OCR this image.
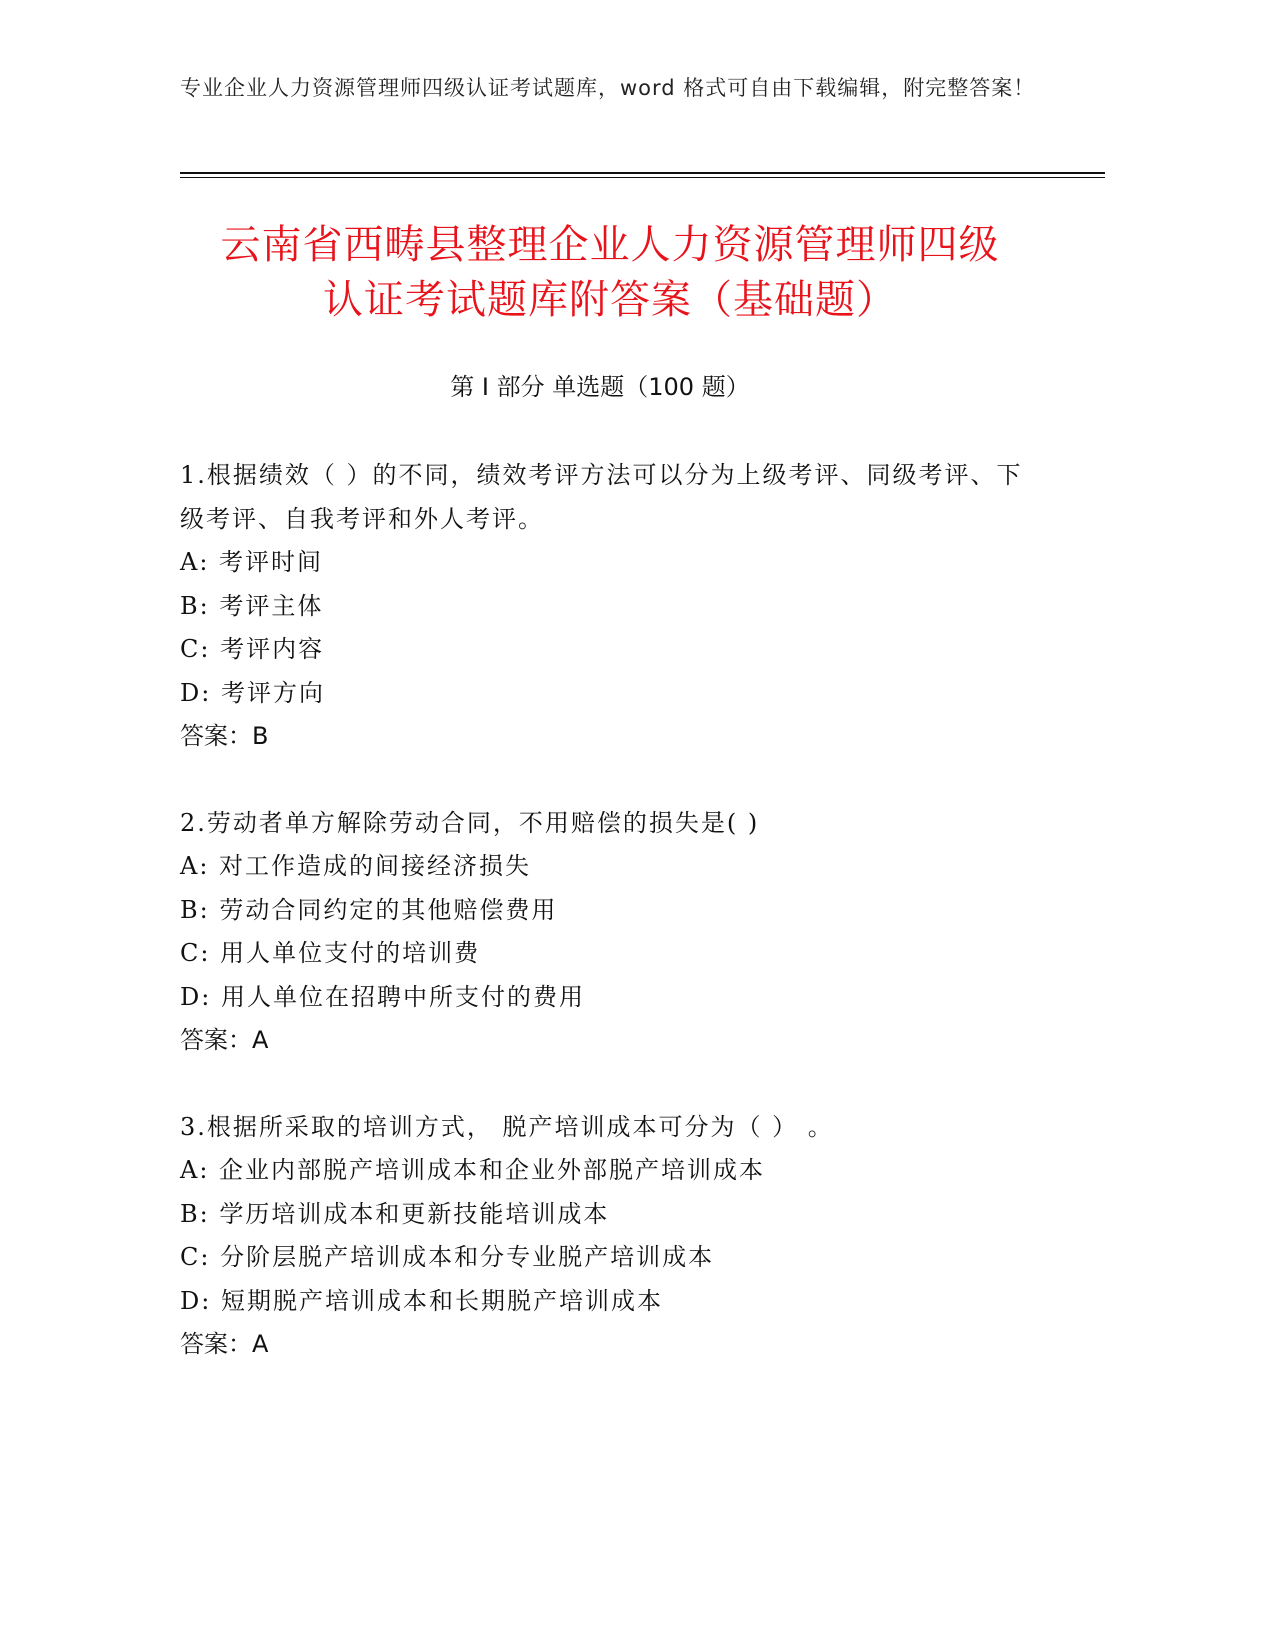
专业企业人力资源管理师四级认证考试题库，word 格式可自由下载编辑，附完整答案！
云南省西畴县整理企业人力资源管理师四级
认证考试题库附答案（基础题）
第 I 部分 单选题（100 题）

1.根据绩效（ ）的不同，绩效考评方法可以分为上级考评、同级考评、下级考评、自我考评和外人考评。

A: 考评时间

B: 考评主体

C: 考评内容

D: 考评方向

答案：B

2.劳动者单方解除劳动合同，不用赔偿的损失是( )

A: 对工作造成的间接经济损失

B: 劳动合同约定的其他赔偿费用

C: 用人单位支付的培训费

D: 用人单位在招聘中所支付的费用

答案：A

3.根据所采取的培训方式， 脱产培训成本可分为（ ） 。

A: 企业内部脱产培训成本和企业外部脱产培训成本

B: 学历培训成本和更新技能培训成本

C: 分阶层脱产培训成本和分专业脱产培训成本

D: 短期脱产培训成本和长期脱产培训成本

答案：A
